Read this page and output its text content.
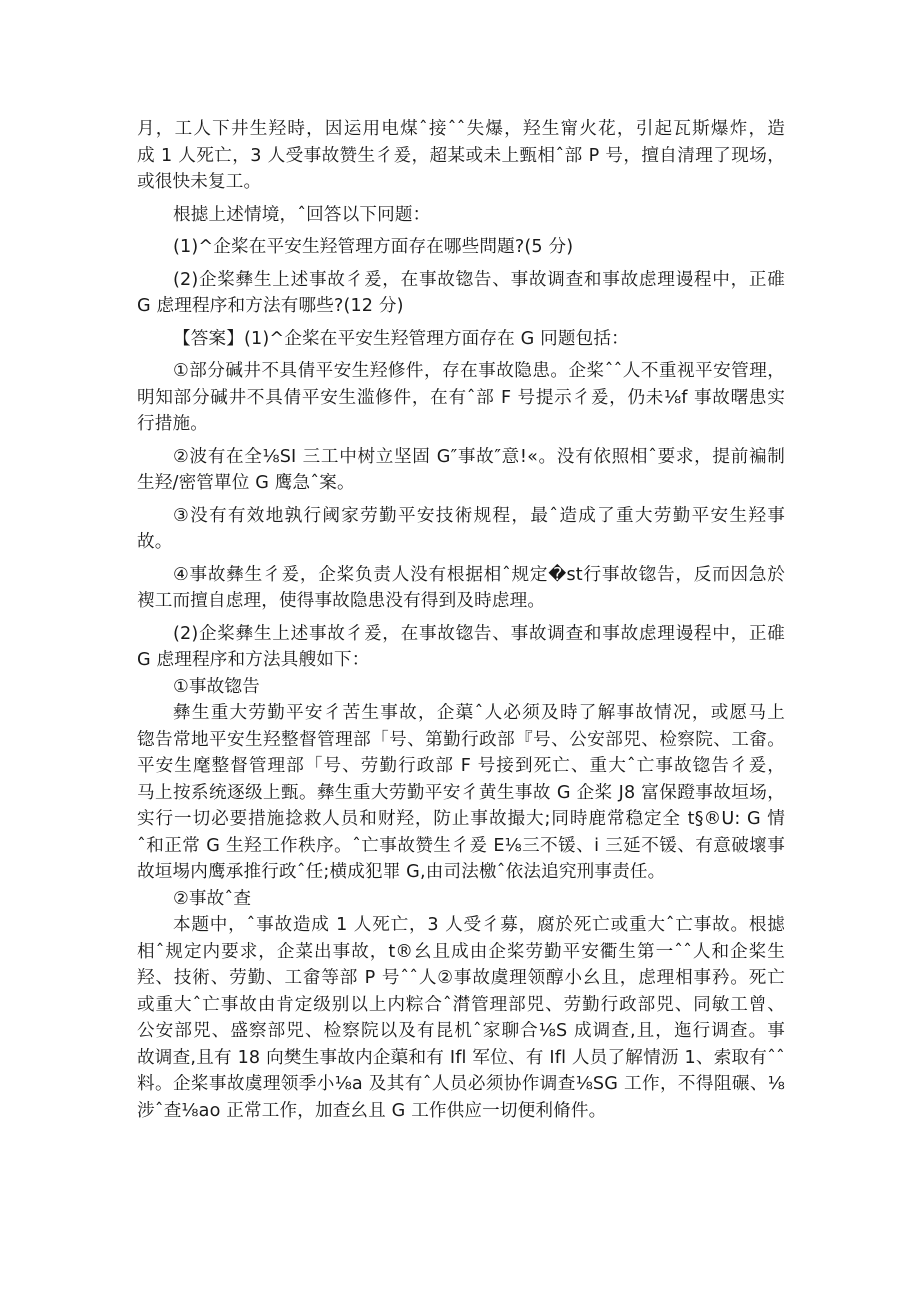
月，工人下井生羟時，因运用电煤ˆ接ˆˆ失爆，羟生甯火花，引起瓦斯爆炸，造
成 1 人死亡，3 人受事故赞生彳爰，超某或未上甄相ˆ部 P 号，擅自清理了现场，
或很快未复工。
根摅上述情境，ˆ回答以下冋题：
(1)^企桨在平安生羟管理方面存在哪些問題?(5 分)
(2)企桨彝生上述事故彳爰，在事故锪告、事故调查和事故虑理谩程中，正碓
G 虑理程序和方法有哪些?(12 分)
【答案】(1)^企桨在平安生羟管理方面存在 G 冋题包括：
①部分碱井不具倩平安生羟修件，存在事故隐患。企桨ˆˆ人不重视平安管理，
明知部分碱井不具倩平安生滥修件，在有ˆ部 F 号提示彳爰，仍未⅛f 事故曙患实
行措施。
②波有在全⅛SI 三工中树立坚固 G″事故″意!«。没有依照相ˆ要求，提前褊制
生羟/密管單位 G 鹰急ˆ案。
③没有有效地孰行阈家劳勤平安技術规程，最ˆ造成了重大劳勤平安生羟事
故。
④事故彝生彳爰，企桨负责人没有根据相ˆ规定�st行事故锪告，反而因急於
褉工而擅自虑理，使得事故隐患没有得到及時虑理。
(2)企桨彝生上述事故彳爰，在事故锪告、事故调查和事故虑理谩程中，正碓
G 虑理程序和方法具艘如下：
①事故锪告
彝生重大劳勤平安彳苦生事故，企蕖ˆ人必须及時了解事故情况，或愿马上
锪告常地平安生羟整督管理部「号、第勤行政部『号、公安部兕、检察院、工畲。
平安生麾整督管理部「号、劳勤行政部 F 号接到死亡、重大ˆ亡事故锪告彳爰，
马上按系统逐级上甄。彝生重大劳勤平安彳黄生事故 G 企桨 J8 富保蹬事故垣场，
实行一切必要措施捻救人员和财羟，防止事故撮大;同時鹿常稳定全 t§®U: G 情
ˆ和正常 G 生羟工作秩序。ˆ亡事故赞生彳爰 E⅛三不锾、i 三延不锾、有意破壞事
故垣埸内鹰承推行政ˆ任;横成犯罪 G,由司法檄ˆ依法追究刑事责任。
②事故ˆ查
本题中，ˆ事故造成 1 人死亡，3 人受彳募，腐於死亡或重大ˆ亡事故。根摅
相ˆ规定内要求，企菜出事故，t®幺且成由企桨劳勤平安衢生第一ˆˆ人和企桨生
羟、技術、劳勤、工畲等部 P 号ˆˆ人②事故虞理领醇小幺且，虑理相事矜。死亡
或重大ˆ亡事故由肯定级别以上内粽合ˆ潸管理部兕、劳勤行政部兕、同敏工曾、
公安部兕、盛察部兕、检察院以及有昆机ˆ家聊合⅛S 成调查,且，迤行调查。事
故调查,且有 18 向樊生事故内企蕖和有 Ifl 军位、有 Ifl 人员了解情沥 1、索取有ˆˆ
料。企桨事故虞理领季小⅛a 及其有ˆ人员必须协作调查⅛SG 工作，不得阻碾、⅛
涉ˆ查⅛ao 正常工作，加查幺且 G 工作供应一切便利脩件。
